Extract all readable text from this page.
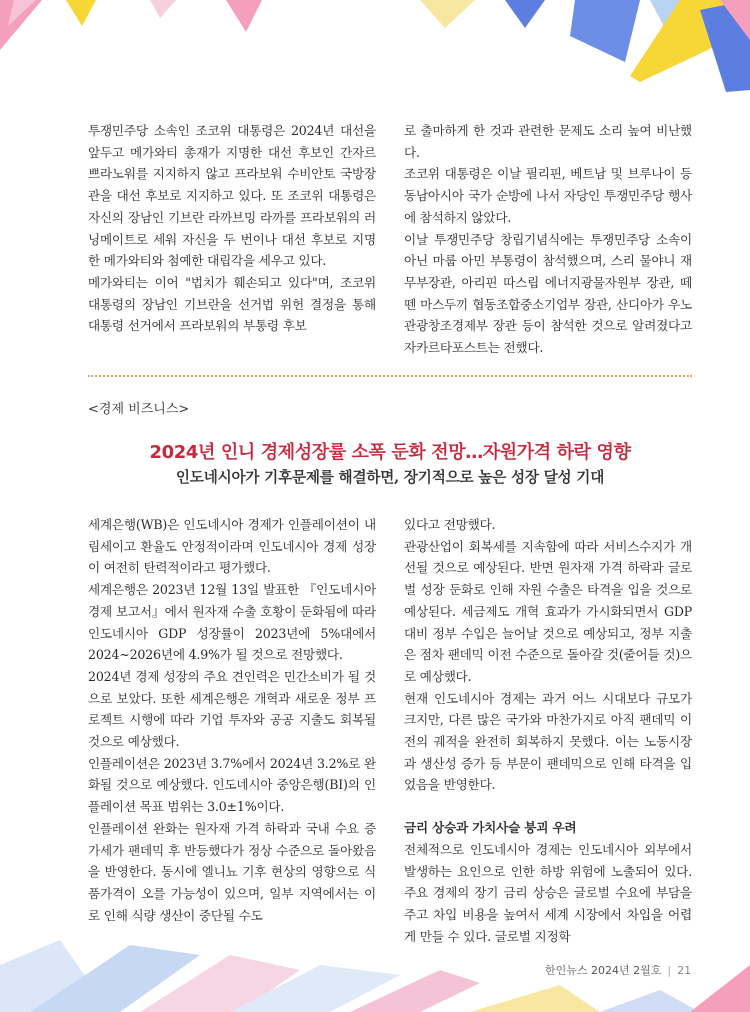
투쟁민주당 소속인 조코위 대통령은 2024년 대선을 앞두고 메가와티 총재가 지명한 대선 후보인 간자르 쁘라노워를 지지하지 않고 프라보워 수비안토 국방장관을 대선 후보로 지지하고 있다. 또 조코위 대통령은 자신의 장남인 기브란 라까브밍 라까를 프라보워의 러닝메이트로 세워 자신을 두 번이나 대선 후보로 지명한 메가와티와 첨예한 대립각을 세우고 있다.

메가와티는 이어 "법치가 훼손되고 있다"며, 조코위 대통령의 장남인 기브란을 선거법 위헌 결정을 통해 대통령 선거에서 프라보워의 부통령 후보

로 출마하게 한 것과 관련한 문제도 소리 높여 비난했다.

조코위 대통령은 이날 필리핀, 베트남 및 브루나이 등 동남아시아 국가 순방에 나서 자당인 투쟁민주당 행사에 참석하지 않았다.

이날 투쟁민주당 창립기념식에는 투쟁민주당 소속이 아닌 마룹 아민 부통령이 참석했으며, 스리 물야니 재무부장관, 아리핀 따스립 에너지광물자원부 장관, 떼뗀 마스두끼 협동조합중소기업부 장관, 산디아가 우노 관광창조경제부 장관 등이 참석한 것으로 알려졌다고 자카르타포스트는 전했다.

<경제 비즈니스>
2024년 인니 경제성장률 소폭 둔화 전망…자원가격 하락 영향
인도네시아가 기후문제를 해결하면, 장기적으로 높은 성장 달성 기대

세계은행(WB)은 인도네시아 경제가 인플레이션이 내림세이고 환율도 안정적이라며 인도네시아 경제 성장이 여전히 탄력적이라고 평가했다.

세계은행은 2023년 12월 13일 발표한 『인도네시아 경제 보고서』에서 원자재 수출 호황이 둔화됨에 따라 인도네시아 GDP 성장률이 2023년에 5%대에서 2024~2026년에 4.9%가 될 것으로 전망했다.

2024년 경제 성장의 주요 견인력은 민간소비가 될 것으로 보았다. 또한 세계은행은 개혁과 새로운 정부 프로젝트 시행에 따라 기업 투자와 공공 지출도 회복될 것으로 예상했다.

인플레이션은 2023년 3.7%에서 2024년 3.2%로 완화될 것으로 예상했다. 인도네시아 중앙은행(BI)의 인플레이션 목표 범위는 3.0±1%이다.

인플레이션 완화는 원자재 가격 하락과 국내 수요 증가세가 팬데믹 후 반등했다가 정상 수준으로 돌아왔음을 반영한다. 동시에 엘니뇨 기후 현상의 영향으로 식품가격이 오를 가능성이 있으며, 일부 지역에서는 이로 인해 식량 생산이 중단될 수도

있다고 전망했다.

관광산업이 회복세를 지속함에 따라 서비스수지가 개선될 것으로 예상된다. 반면 원자재 가격 하락과 글로벌 성장 둔화로 인해 자원 수출은 타격을 입을 것으로 예상된다. 세금제도 개혁 효과가 가시화되면서 GDP 대비 정부 수입은 늘어날 것으로 예상되고, 정부 지출은 점차 팬데믹 이전 수준으로 돌아갈 것(줄어들 것)으로 예상했다.

현재 인도네시아 경제는 과거 어느 시대보다 규모가 크지만, 다른 많은 국가와 마찬가지로 아직 팬데믹 이전의 궤적을 완전히 회복하지 못했다. 이는 노동시장과 생산성 증가 등 부문이 팬데믹으로 인해 타격을 입었음을 반영한다.

금리 상승과 가치사슬 붕괴 우려

전체적으로 인도네시아 경제는 인도네시아 외부에서 발생하는 요인으로 인한 하방 위험에 노출되어 있다. 주요 경제의 장기 금리 상승은 글로벌 수요에 부담을 주고 차입 비용을 높여서 세계 시장에서 차입을 어렵게 만들 수 있다. 글로벌 지정학

한인뉴스 2024년 2월호 | 21
